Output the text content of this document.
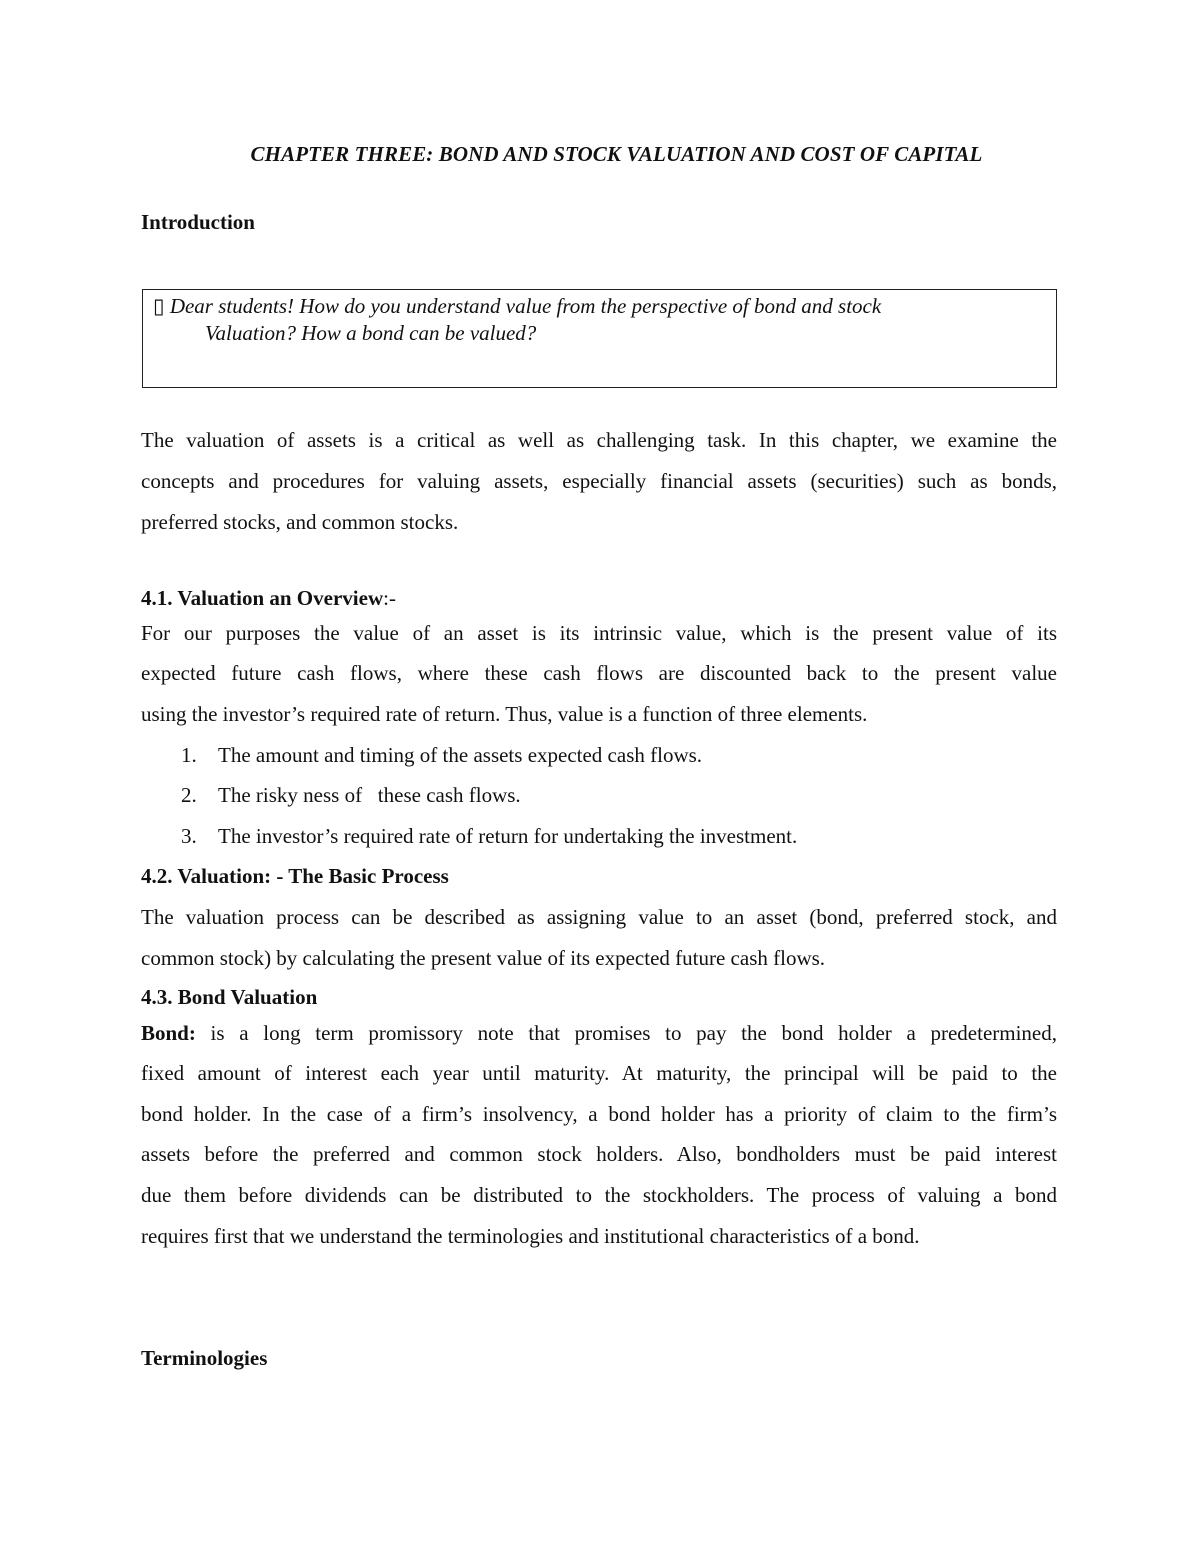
CHAPTER THREE: BOND AND STOCK VALUATION AND COST OF CAPITAL
Introduction
▯ Dear students! How do you understand value from the perspective of bond and stock
Valuation? How a bond can be valued?
The valuation of assets is a critical as well as challenging task. In this chapter, we examine the
concepts and procedures for valuing assets, especially financial assets (securities) such as bonds,
preferred stocks, and common stocks.
4.1. Valuation an Overview:-
For our purposes the value of an asset is its intrinsic value, which is the present value of its
expected future cash flows, where these cash flows are discounted back to the present value
using the investor’s required rate of return. Thus, value is a function of three elements.
1. The amount and timing of the assets expected cash flows.
2. The risky ness of   these cash flows.
3. The investor’s required rate of return for undertaking the investment.
4.2. Valuation: - The Basic Process
The valuation process can be described as assigning value to an asset (bond, preferred stock, and
common stock) by calculating the present value of its expected future cash flows.
4.3. Bond Valuation
Bond: is a long term promissory note that promises to pay the bond holder a predetermined,
fixed amount of interest each year until maturity. At maturity, the principal will be paid to the
bond holder. In the case of a firm’s insolvency, a bond holder has a priority of claim to the firm’s
assets before the preferred and common stock holders. Also, bondholders must be paid interest
due them before dividends can be distributed to the stockholders. The process of valuing a bond
requires first that we understand the terminologies and institutional characteristics of a bond.
Terminologies
